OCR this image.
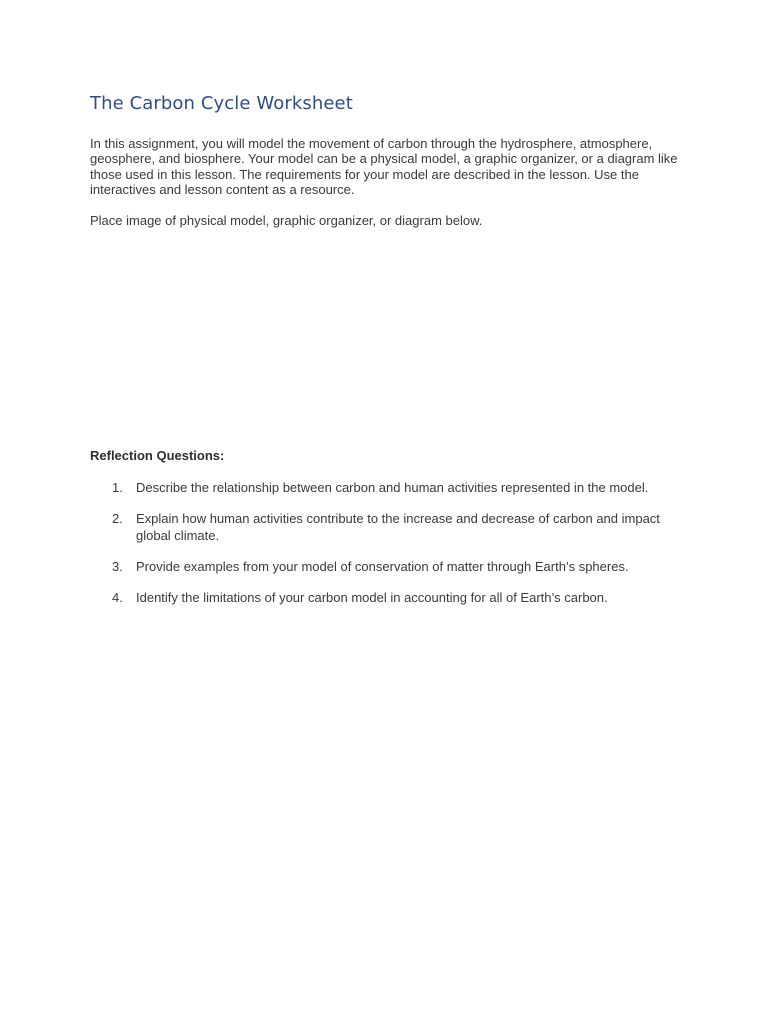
The Carbon Cycle Worksheet

In this assignment, you will model the movement of carbon through the hydrosphere, atmosphere, geosphere, and biosphere. Your model can be a physical model, a graphic organizer, or a diagram like those used in this lesson. The requirements for your model are described in the lesson. Use the interactives and lesson content as a resource.

Place image of physical model, graphic organizer, or diagram below.

Reflection Questions:

1. Describe the relationship between carbon and human activities represented in the model.
2. Explain how human activities contribute to the increase and decrease of carbon and impact global climate.
3. Provide examples from your model of conservation of matter through Earth’s spheres.
4. Identify the limitations of your carbon model in accounting for all of Earth’s carbon.
